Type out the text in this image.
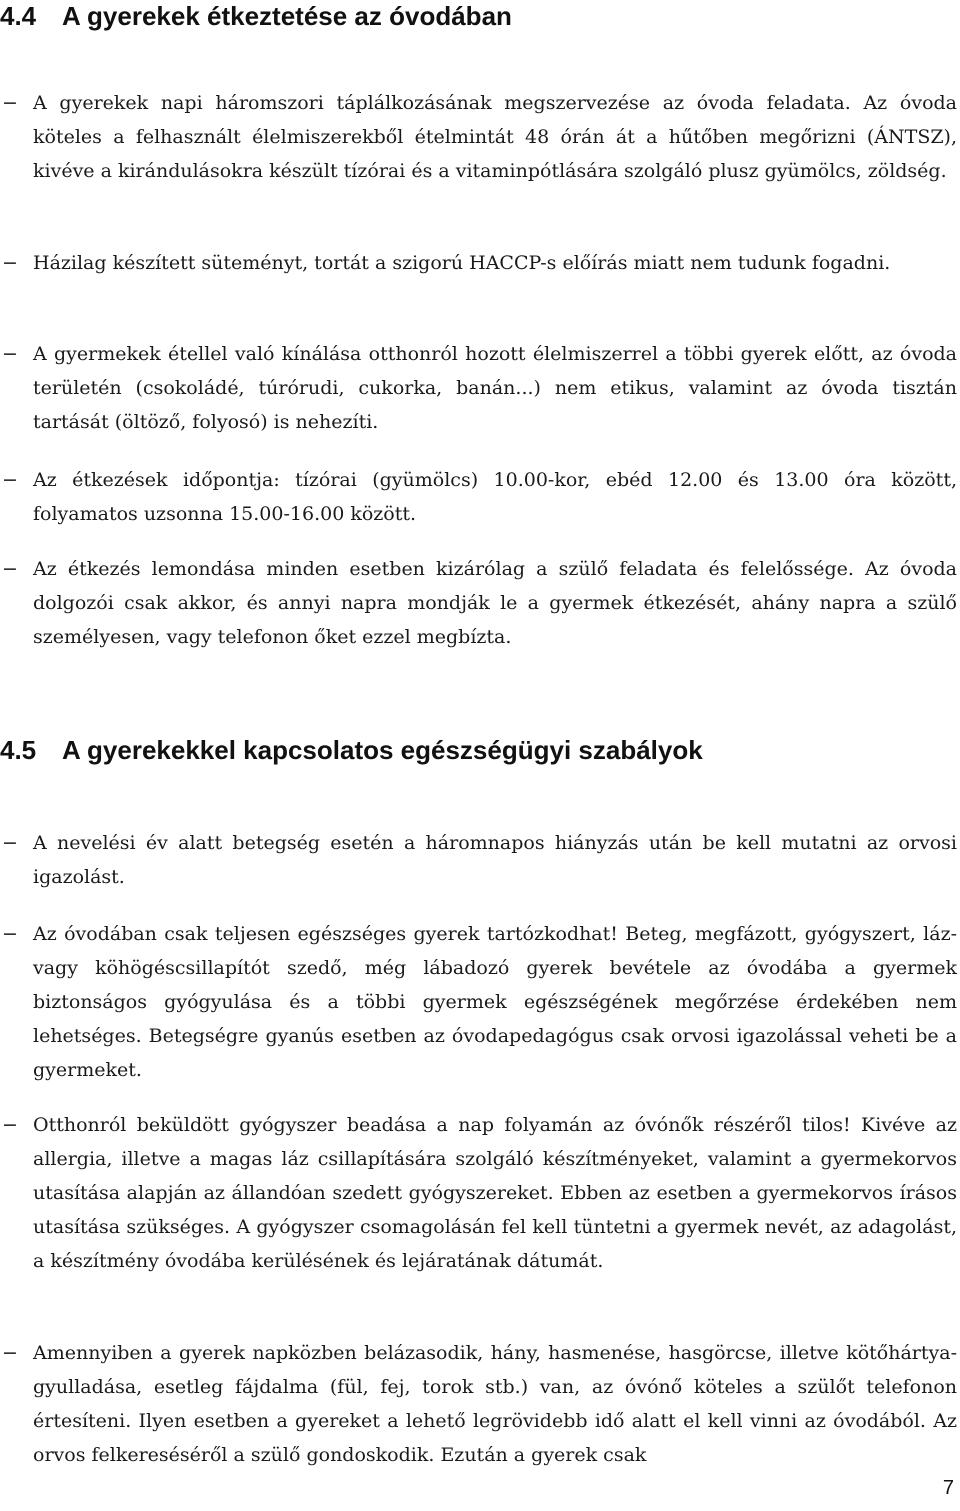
4.4 A gyerekek étkeztetése az óvodában
− A gyerekek napi háromszori táplálkozásának megszervezése az óvoda feladata. Az óvoda köteles a felhasznált élelmiszerekből ételmintát 48 órán át a hűtőben megőrizni (ÁNTSZ), kivéve a kirándulásokra készült tízórai és a vitaminpótlására szolgáló plusz gyümölcs, zöldség.
− Házilag készített süteményt, tortát a szigorú HACCP-s előírás miatt nem tudunk fogadni.
− A gyermekek étellel való kínálása otthonról hozott élelmiszerrel a többi gyerek előtt, az óvoda területén (csokoládé, túrórudi, cukorka, banán...) nem etikus, valamint az óvoda tisztán tartását (öltöző, folyosó) is nehezíti.
− Az étkezések időpontja: tízórai (gyümölcs) 10.00-kor, ebéd 12.00 és 13.00 óra között, folyamatos uzsonna 15.00-16.00 között.
− Az étkezés lemondása minden esetben kizárólag a szülő feladata és felelőssége. Az óvoda dolgozói csak akkor, és annyi napra mondják le a gyermek étkezését, ahány napra a szülő személyesen, vagy telefonon őket ezzel megbízta.
4.5 A gyerekekkel kapcsolatos egészségügyi szabályok
− A nevelési év alatt betegség esetén a háromnapos hiányzás után be kell mutatni az orvosi igazolást.
− Az óvodában csak teljesen egészséges gyerek tartózkodhat! Beteg, megfázott, gyógyszert, láz- vagy köhögéscsillapítót szedő, még lábadozó gyerek bevétele az óvodába a gyermek biztonságos gyógyulása és a többi gyermek egészségének megőrzése érdekében nem lehetséges. Betegségre gyanús esetben az óvodapedagógus csak orvosi igazolással veheti be a gyermeket.
− Otthonról beküldött gyógyszer beadása a nap folyamán az óvónők részéről tilos! Kivéve az allergia, illetve a magas láz csillapítására szolgáló készítményeket, valamint a gyermekorvos utasítása alapján az állandóan szedett gyógyszereket. Ebben az esetben a gyermekorvos írásos utasítása szükséges. A gyógyszer csomagolásán fel kell tüntetni a gyermek nevét, az adagolást, a készítmény óvodába kerülésének és lejáratának dátumát.
− Amennyiben a gyerek napközben belázasodik, hány, hasmenése, hasgörcse, illetve kötőhártya-gyulladása, esetleg fájdalma (fül, fej, torok stb.) van, az óvónő köteles a szülőt telefonon értesíteni. Ilyen esetben a gyereket a lehető legrövidebb idő alatt el kell vinni az óvodából. Az orvos felkereséséről a szülő gondoskodik. Ezután a gyerek csak
7
